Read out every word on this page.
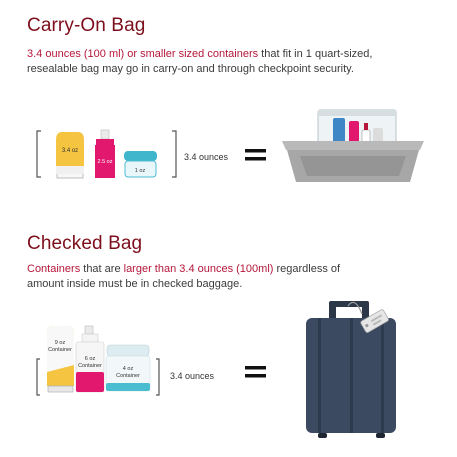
Carry-On Bag

3.4 ounces (100 ml) or smaller sized containers that fit in 1 quart-sized,
resealable bag may go in carry-on and through checkpoint security.

Checked Bag

Containers that are larger than 3.4 ounces (100ml) regardless of
amount inside must be in checked baggage.

3.4 ounces
3.4 ounces
3.4 oz
2.5 oz
1 oz
9 oz
Container
6 oz
Container	4 oz
Container
